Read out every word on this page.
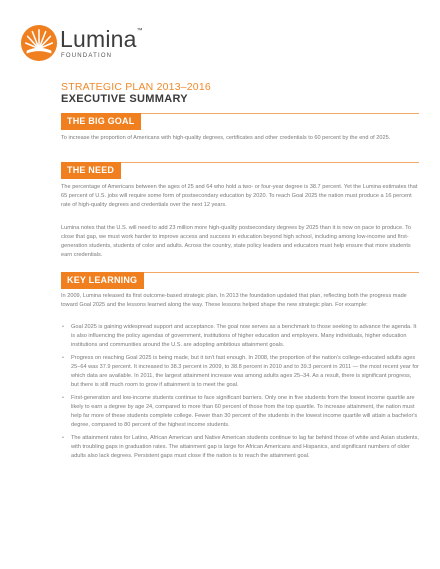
Lumina™
FOUNDATION
STRATEGIC PLAN 2013–2016
EXECUTIVE SUMMARY
THE BIG GOAL
To increase the proportion of Americans with high-quality degrees, certificates and other credentials to 60 percent by the end of 2025.
THE NEED
The percentage of Americans between the ages of 25 and 64 who hold a two- or four-year degree is 38.7 percent. Yet the Lumina estimates that 65 percent of U.S. jobs will require some form of postsecondary education by 2020. To reach Goal 2025 the nation must produce a 16 percent rate of high-quality degrees and credentials over the next 12 years.
Lumina notes that the U.S. will need to add 23 million more high-quality postsecondary degrees by 2025 than it is now on pace to produce. To close that gap, we must work harder to improve access and success in education beyond high school, including among low-income and first-generation students, students of color and adults. Across the country, state policy leaders and educators must help ensure that more students earn credentials.
KEY LEARNING
In 2009, Lumina released its first outcome-based strategic plan. In 2013 the foundation updated that plan, reflecting both the progress made toward Goal 2025 and the lessons learned along the way. These lessons helped shape the new strategic plan. For example:
• Goal 2025 is gaining widespread support and acceptance. The goal now serves as a benchmark to those seeking to advance the agenda. It is also influencing the policy agendas of government, institutions of higher education and employers. Many individuals, higher education institutions and communities around the U.S. are adopting ambitious attainment goals.
• Progress on reaching Goal 2025 is being made, but it isn't fast enough. In 2008, the proportion of the nation's college-educated adults ages 25–64 was 37.9 percent. It increased to 38.3 percent in 2009, to 38.8 percent in 2010 and to 39.3 percent in 2011 — the most recent year for which data are available. In 2011, the largest attainment increase was among adults ages 25–34. As a result, there is significant progress, but there is still much room to grow if attainment is to meet the goal.
• First-generation and low-income students continue to face significant barriers. Only one in five students from the lowest income quartile are likely to earn a degree by age 24, compared to more than 60 percent of those from the top quartile. To increase attainment, the nation must help far more of these students complete college. Fewer than 30 percent of the students in the lowest income quartile will attain a bachelor's degree, compared to 80 percent of the highest income students.
• The attainment rates for Latino, African American and Native American students continue to lag far behind those of white and Asian students, with troubling gaps in graduation rates. The attainment gap is large for African Americans and Hispanics, and significant numbers of older adults also lack degrees. Persistent gaps must close if the nation is to reach the attainment goal.
